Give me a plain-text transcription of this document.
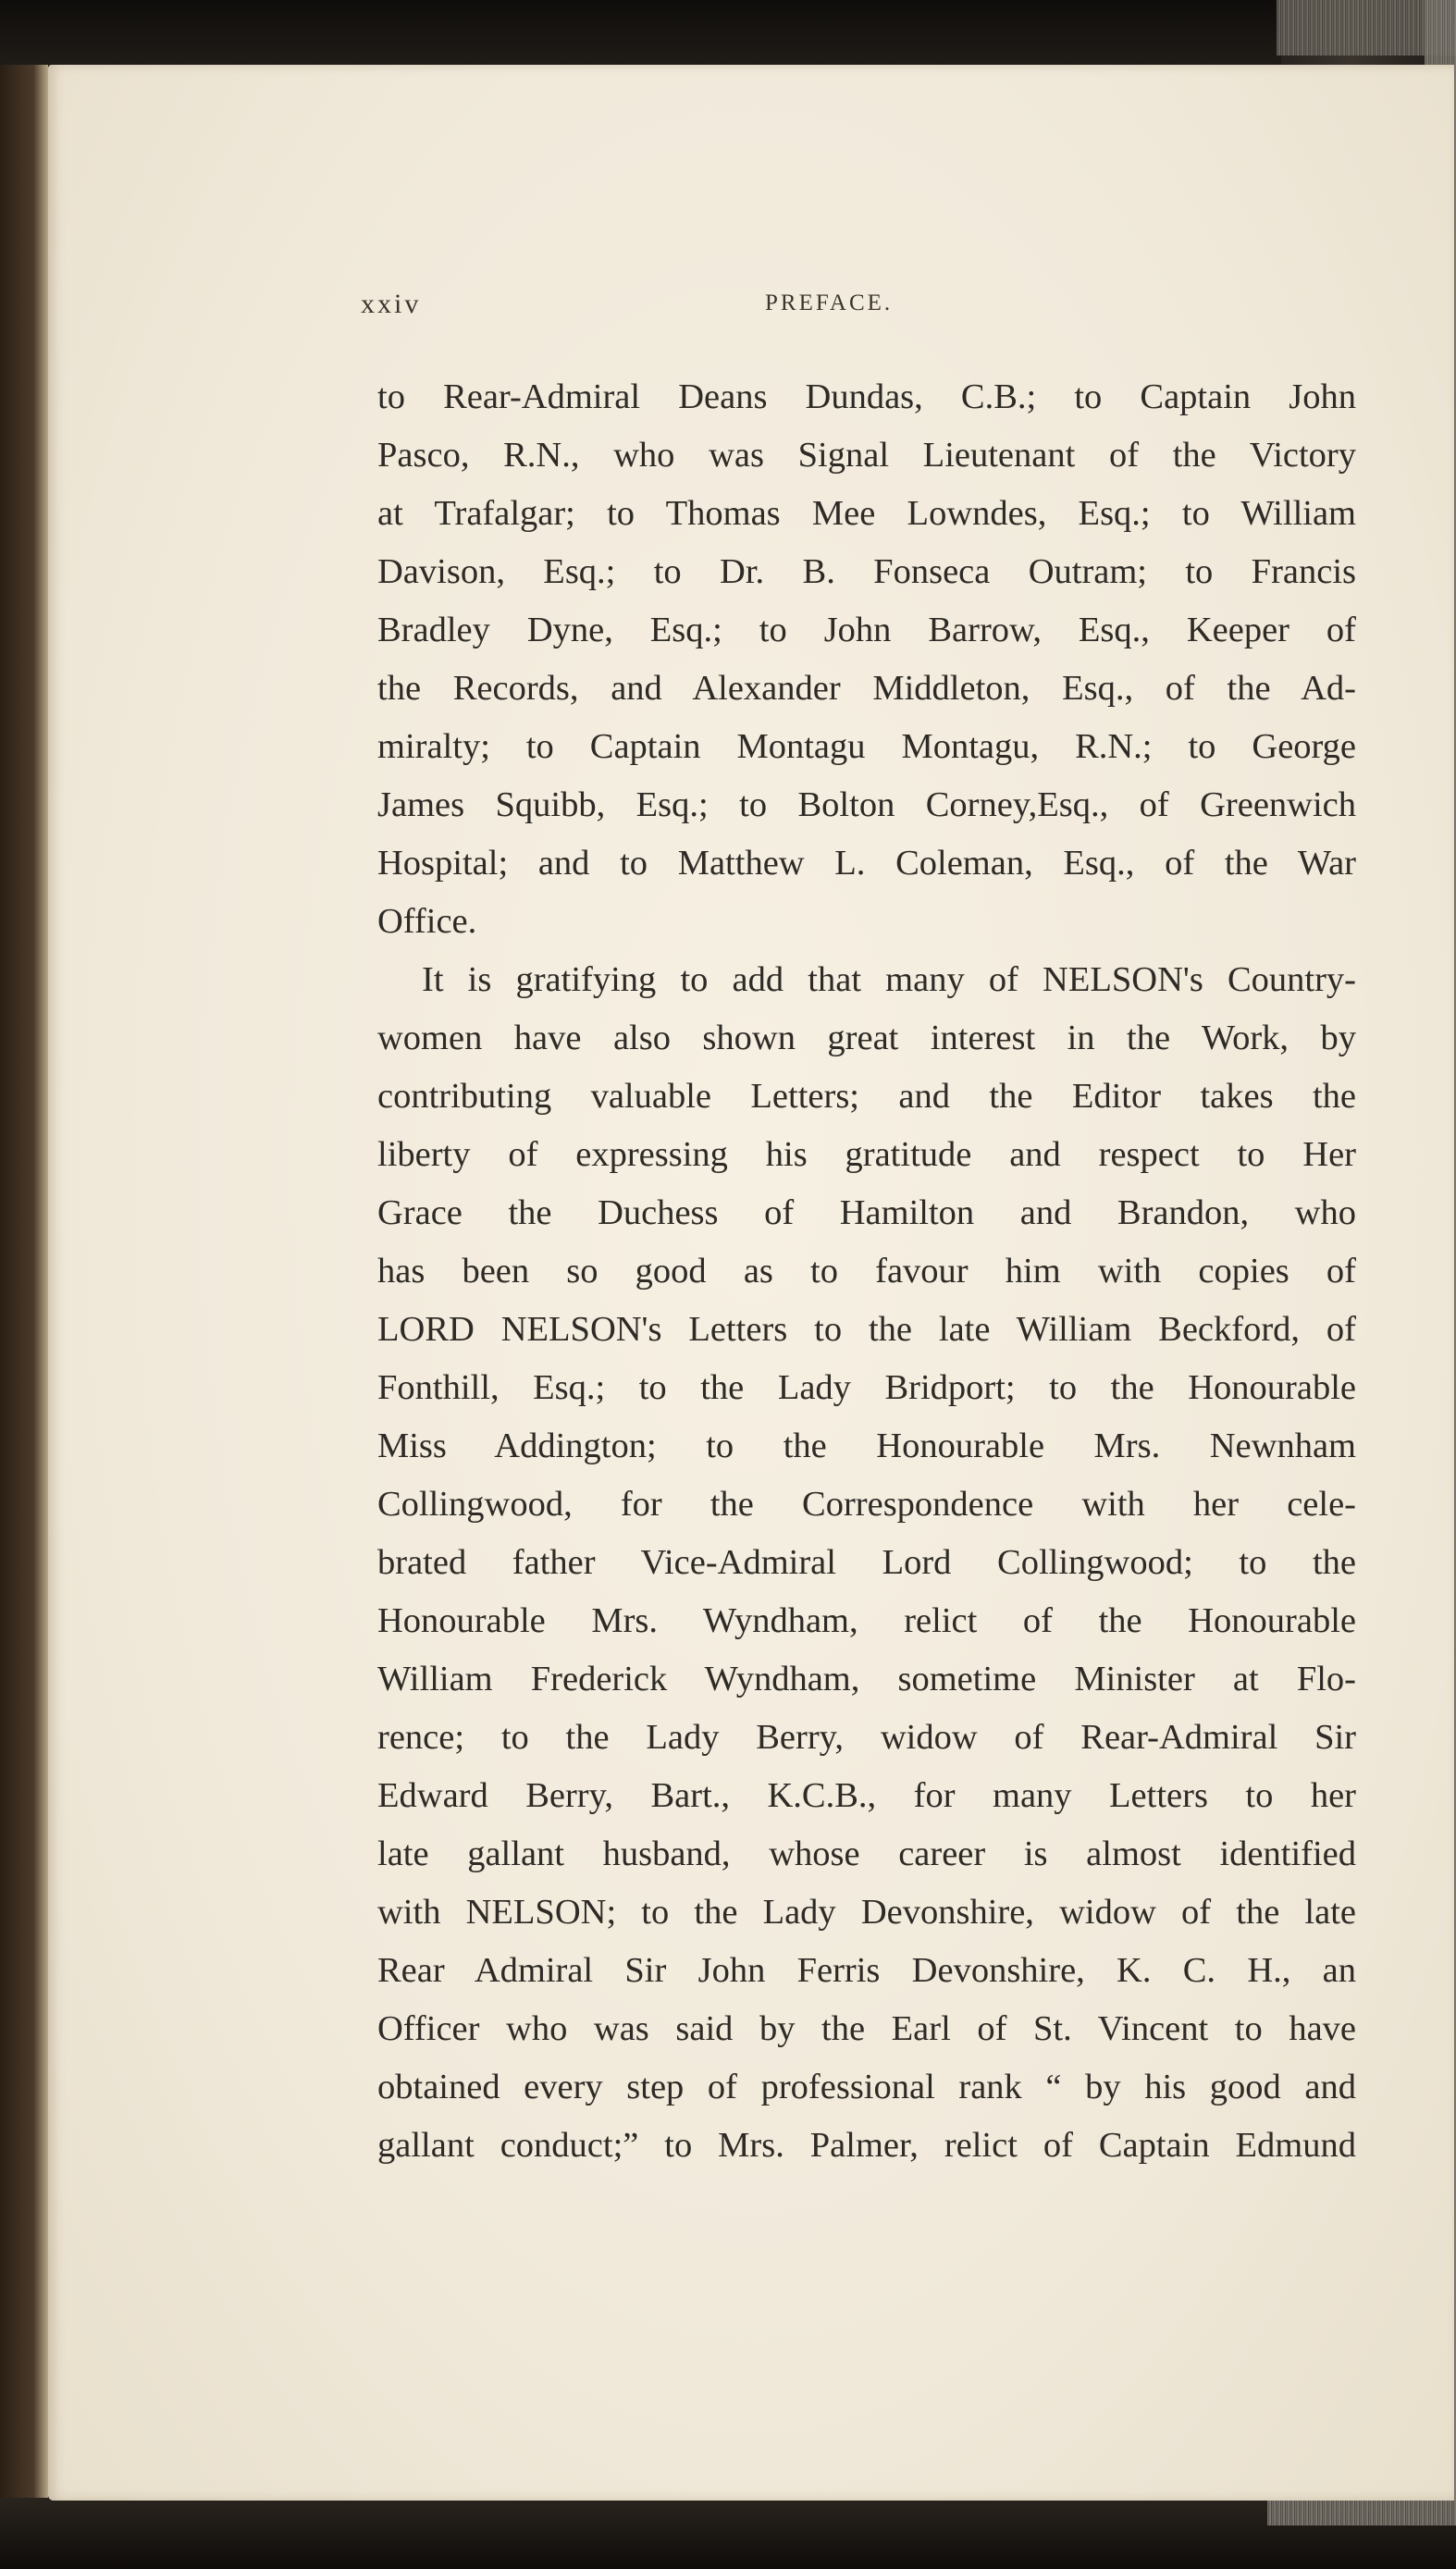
xxiv	PREFACE.
to Rear-Admiral Deans Dundas, C.B.; to Captain John
Pasco, R.N., who was Signal Lieutenant of the Victory
at Trafalgar; to Thomas Mee Lowndes, Esq.; to William
Davison, Esq.; to Dr. B. Fonseca Outram; to Francis
Bradley Dyne, Esq.; to John Barrow, Esq., Keeper of
the Records, and Alexander Middleton, Esq., of the Ad-
miralty; to Captain Montagu Montagu, R.N.; to George
James Squibb, Esq.; to Bolton Corney,Esq., of Greenwich
Hospital; and to Matthew L. Coleman, Esq., of the War
Office.
It is gratifying to add that many of NELSON's Country-
women have also shown great interest in the Work, by
contributing valuable Letters; and the Editor takes the
liberty of expressing his gratitude and respect to Her
Grace the Duchess of Hamilton and Brandon, who
has been so good as to favour him with copies of
LORD NELSON's Letters to the late William Beckford, of
Fonthill, Esq.; to the Lady Bridport; to the Honourable
Miss Addington; to the Honourable Mrs. Newnham
Collingwood, for the Correspondence with her cele-
brated father Vice-Admiral Lord Collingwood; to the
Honourable Mrs. Wyndham, relict of the Honourable
William Frederick Wyndham, sometime Minister at Flo-
rence; to the Lady Berry, widow of Rear-Admiral Sir
Edward Berry, Bart., K.C.B., for many Letters to her
late gallant husband, whose career is almost identified
with NELSON; to the Lady Devonshire, widow of the late
Rear Admiral Sir John Ferris Devonshire, K. C. H., an
Officer who was said by the Earl of St. Vincent to have
obtained every step of professional rank “ by his good and
gallant conduct;” to Mrs. Palmer, relict of Captain Edmund
